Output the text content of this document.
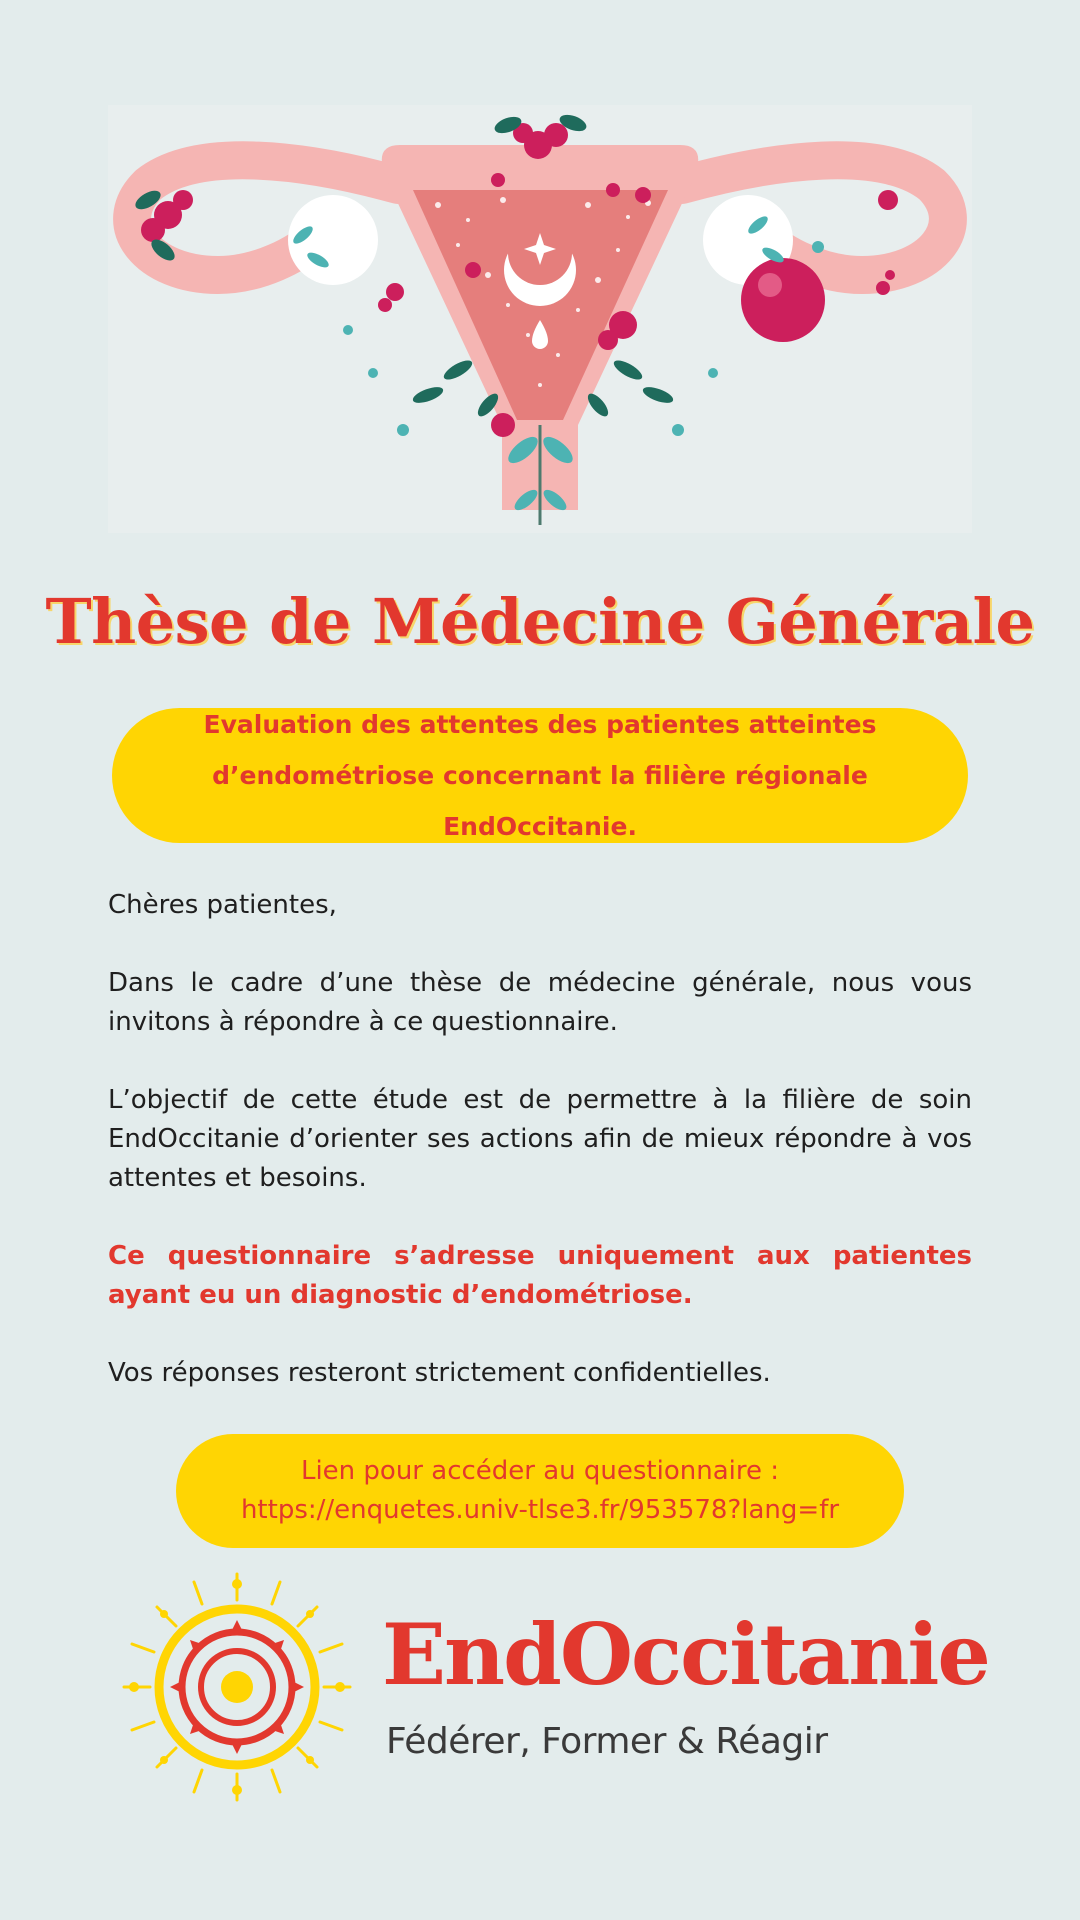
Thèse de Médecine Générale
Evaluation des attentes des patientes atteintes
d’endométriose concernant la filière régionale EndOccitanie.

Chères patientes,

Dans le cadre d’une thèse de médecine générale, nous vous invitons à répondre à ce questionnaire.

L’objectif de cette étude est de permettre à la filière de soin EndOccitanie d’orienter ses actions afin de mieux répondre à vos attentes et besoins.

Ce questionnaire s’adresse uniquement aux patientes ayant eu un diagnostic d’endométriose.

Vos réponses resteront strictement confidentielles.

Lien pour accéder au questionnaire :
https://enquetes.univ-tlse3.fr/953578?lang=fr
EndOccitanie
Fédérer, Former & Réagir
